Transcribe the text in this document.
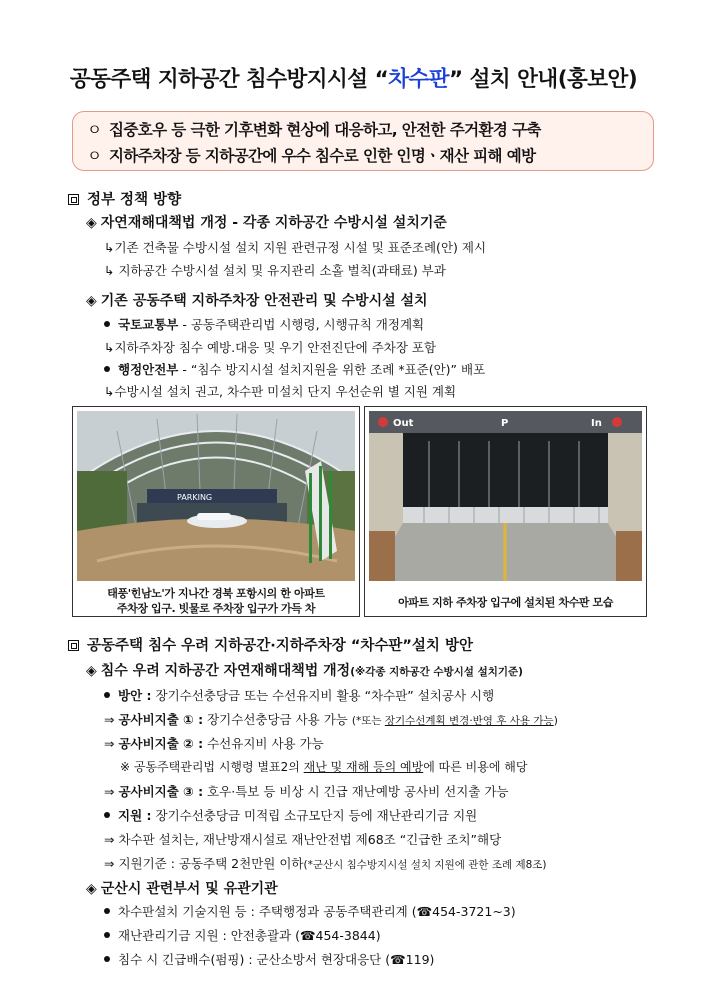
공동주택 지하공간 침수방지시설 “차수판” 설치 안내(홍보안)
ㅇ 집중호우 등 극한 기후변화 현상에 대응하고, 안전한 주거환경 구축
ㅇ 지하주차장 등 지하공간에 우수 침수로 인한 인명ㆍ재산 피해 예방
정부 정책 방향
◈ 자연재해대책법 개정 - 각종 지하공간 수방시설 설치기준
↳기존 건축물 수방시설 설치 지원 관련규정 시설 및 표준조례(안) 제시
↳ 지하공간 수방시설 설치 및 유지관리 소홀 벌칙(과태료) 부과
◈ 기존 공동주택 지하주차장 안전관리 및 수방시설 설치
국토교통부 - 공동주택관리법 시행령, 시행규칙 개정계획
↳지하주차장 침수 예방.대응 및 우기 안전진단에 주차장 포함
행정안전부 - “침수 방지시설 설치지원을 위한 조례 *표준(안)” 배포
↳수방시설 설치 권고, 차수판 미설치 단지 우선순위 별 지원 계획
PARKING
태풍'힌남노'가 지나간 경북 포항시의 한 아파트
주차장 입구. 빗물로 주차장 입구가 가득 차
Out	P	In
아파트 지하 주차장 입구에 설치된 차수판 모습
공동주택 침수 우려 지하공간·지하주차장 “차수판”설치 방안
◈ 침수 우려 지하공간 자연재해대책법 개정(※각종 지하공간 수방시설 설치기준)
방안 : 장기수선충당금 또는 수선유지비 활용 “차수판” 설치공사 시행
⇒ 공사비지출 ① : 장기수선충당금 사용 가능 (*또는 장기수선계획 변경·반영 후 사용 가능)
⇒ 공사비지출 ② : 수선유지비 사용 가능
※ 공동주택관리법 시행령 별표2의 재난 및 재해 등의 예방에 따른 비용에 해당
⇒ 공사비지출 ③ : 호우·특보 등 비상 시 긴급 재난예방 공사비 선지출 가능
지원 : 장기수선충당금 미적립 소규모단지 등에 재난관리기금 지원
⇒ 차수판 설치는, 재난방재시설로 재난안전법 제68조 “긴급한 조치”해당
⇒ 지원기준 : 공동주택 2천만원 이하(*군산시 침수방지시설 설치 지원에 관한 조례 제8조)
◈ 군산시 관련부서 및 유관기관
차수판설치 기술지원 등 : 주택행정과 공동주택관리계 (☎454-3721~3)
재난관리기금 지원 : 안전총괄과 (☎454-3844)
침수 시 긴급배수(펌핑) : 군산소방서 현장대응단 (☎119)
